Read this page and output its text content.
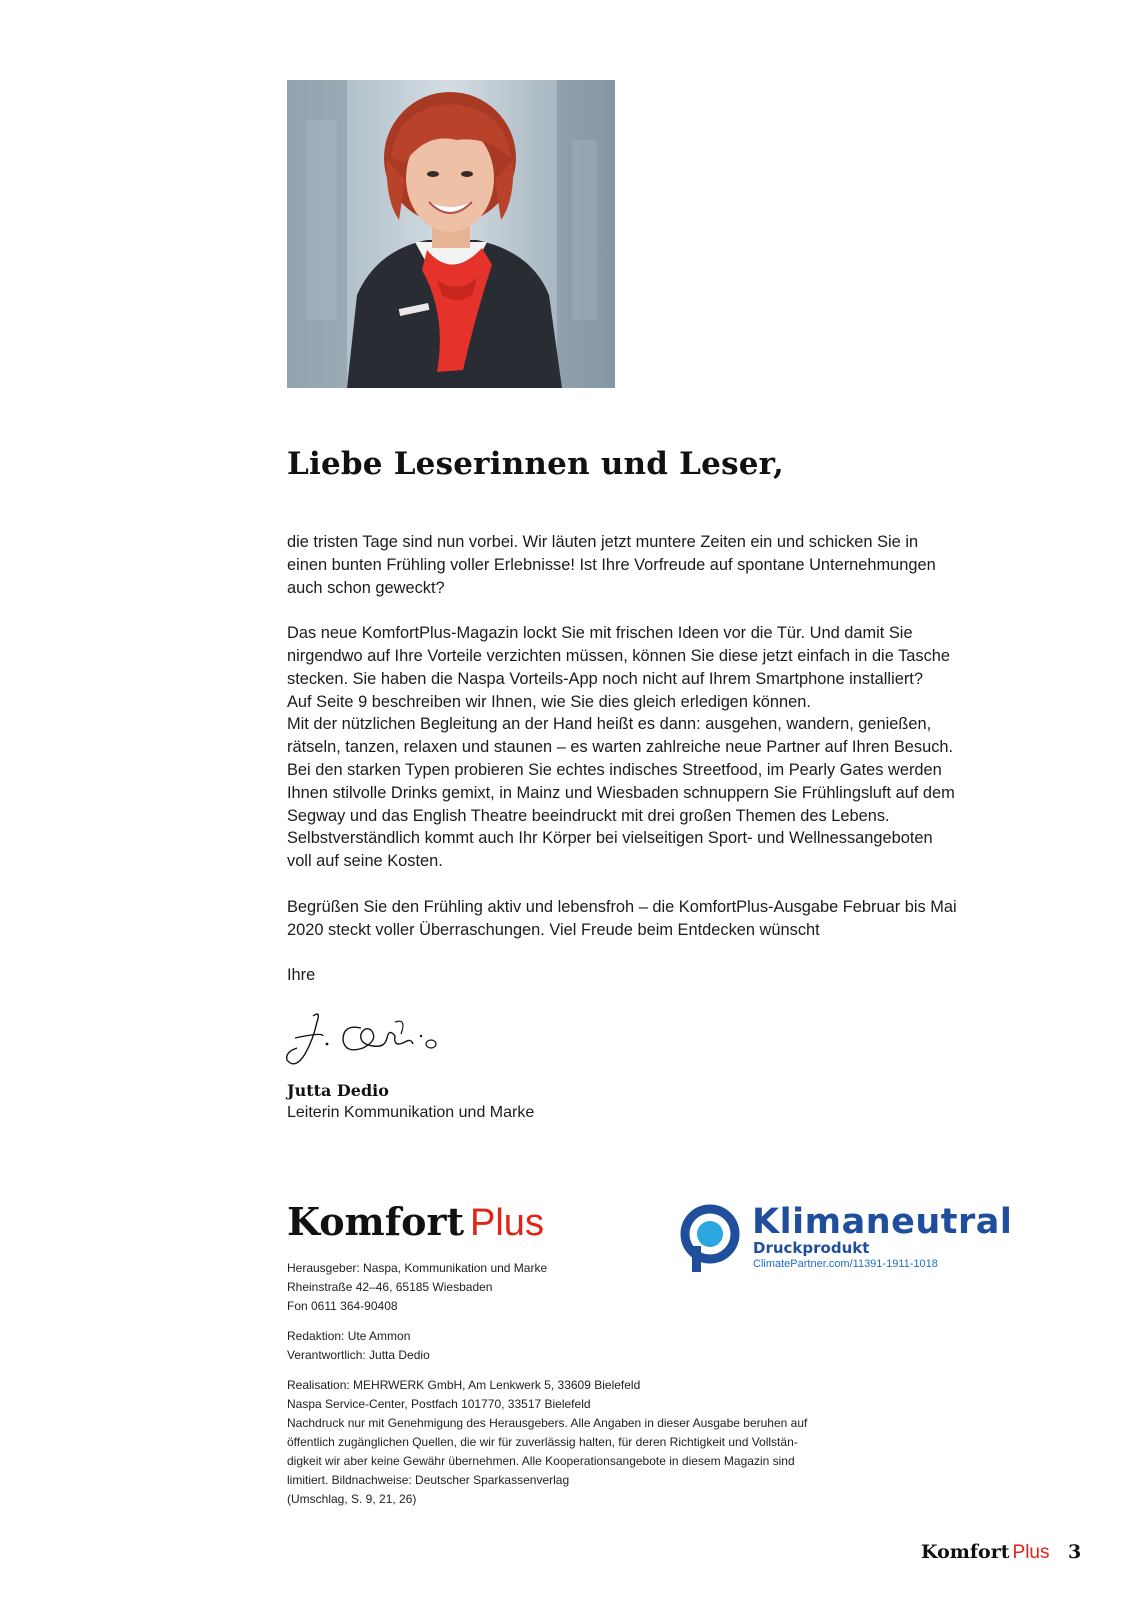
Liebe Leserinnen und Leser,

die tristen Tage sind nun vorbei. Wir läuten jetzt muntere Zeiten ein und schicken Sie in

einen bunten Frühling voller Erlebnisse! Ist Ihre Vorfreude auf spontane Unternehmungen

auch schon geweckt?

Das neue KomfortPlus-Magazin lockt Sie mit frischen Ideen vor die Tür. Und damit Sie

nirgendwo auf Ihre Vorteile verzichten müssen, können Sie diese jetzt einfach in die Tasche

stecken. Sie haben die Naspa Vorteils-App noch nicht auf Ihrem Smartphone installiert?

Auf Seite 9 beschreiben wir Ihnen, wie Sie dies gleich erledigen können.

Mit der nützlichen Begleitung an der Hand heißt es dann: ausgehen, wandern, genießen,

rätseln, tanzen, relaxen und staunen – es warten zahlreiche neue Partner auf Ihren Besuch.

Bei den starken Typen probieren Sie echtes indisches Streetfood, im Pearly Gates werden

Ihnen stilvolle Drinks gemixt, in Mainz und Wiesbaden schnuppern Sie Frühlingsluft auf dem

Segway und das English Theatre beeindruckt mit drei großen Themen des Lebens.

Selbstverständlich kommt auch Ihr Körper bei vielseitigen Sport- und Wellnessangeboten

voll auf seine Kosten.

Begrüßen Sie den Frühling aktiv und lebensfroh – die KomfortPlus-Ausgabe Februar bis Mai

2020 steckt voller Überraschungen. Viel Freude beim Entdecken wünscht

Ihre

Jutta Dedio
Leiterin Kommunikation und Marke
Komfort Plus	Klimaneutral
Druckprodukt
ClimatePartner.com/11391-1911-1018

Herausgeber: Naspa, Kommunikation und Marke

Rheinstraße 42–46, 65185 Wiesbaden

Fon 0611 364-90408

Redaktion: Ute Ammon

Verantwortlich: Jutta Dedio

Realisation: MEHRWERK GmbH, Am Lenkwerk 5, 33609 Bielefeld

Naspa Service-Center, Postfach 101770, 33517 Bielefeld

Nachdruck nur mit Genehmigung des Herausgebers. Alle Angaben in dieser Ausgabe beruhen auf

öffentlich zugänglichen Quellen, die wir für zuverlässig halten, für deren Richtigkeit und Vollstän-

digkeit wir aber keine Gewähr übernehmen. Alle Kooperationsangebote in diesem Magazin sind

limitiert. Bildnachweise: Deutscher Sparkassenverlag

(Umschlag, S. 9, 21, 26)

Komfort Plus 3
